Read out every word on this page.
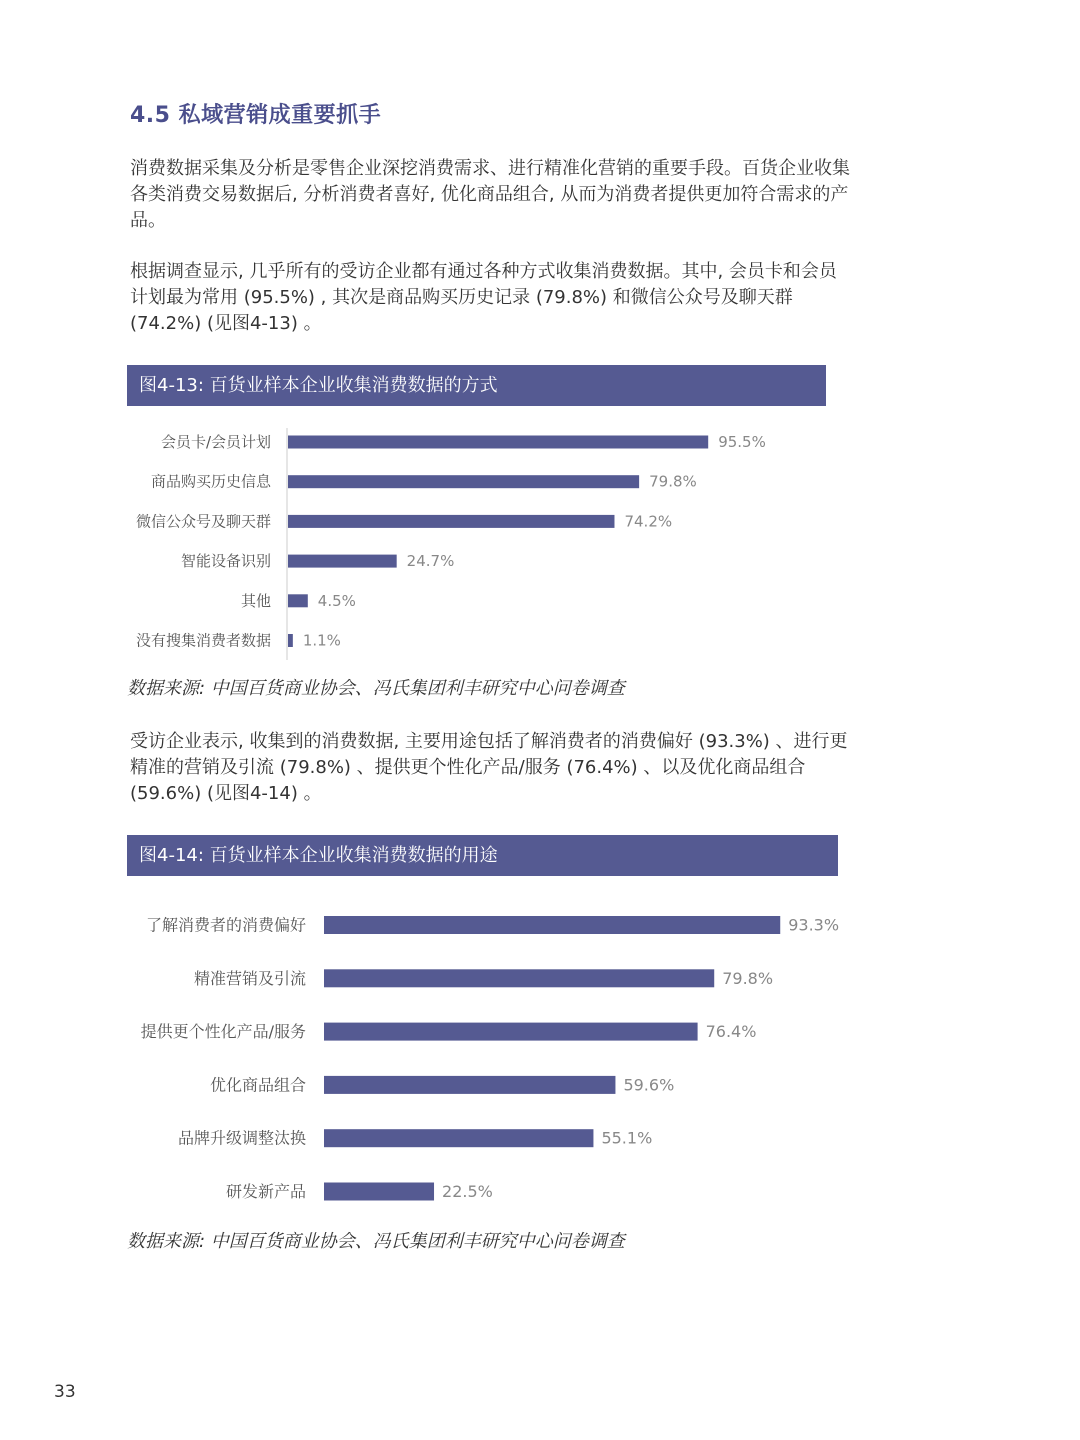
4.5 私域营销成重要抓手

消费数据采集及分析是零售企业深挖消费需求、进行精准化营销的重要手段。百货企业收集各类消费交易数据后, 分析消费者喜好, 优化商品组合, 从而为消费者提供更加符合需求的产品。

根据调查显示, 几乎所有的受访企业都有通过各种方式收集消费数据。其中, 会员卡和会员计划最为常用 (95.5%) , 其次是商品购买历史记录 (79.8%) 和微信公众号及聊天群 (74.2%) (见图4-13) 。

图4-13: 百货业样本企业收集消费数据的方式
会员卡/会员计划	95.5%
商品购买历史信息	79.8%
微信公众号及聊天群	74.2%
智能设备识别	24.7%
其他	4.5%
没有搜集消费者数据 1.1%

数据来源: 中国百货商业协会、冯氏集团利丰研究中心问卷调查

受访企业表示, 收集到的消费数据, 主要用途包括了解消费者的消费偏好 (93.3%) 、进行更精准的营销及引流 (79.8%) 、提供更个性化产品/服务 (76.4%) 、以及优化商品组合 (59.6%) (见图4-14) 。

图4-14: 百货业样本企业收集消费数据的用途
了解消费者的消费偏好	93.3%
精准营销及引流	79.8%
提供更个性化产品/服务	76.4%
优化商品组合	59.6%
品牌升级调整汰换	55.1%
研发新产品	22.5%

数据来源: 中国百货商业协会、冯氏集团利丰研究中心问卷调查

33
